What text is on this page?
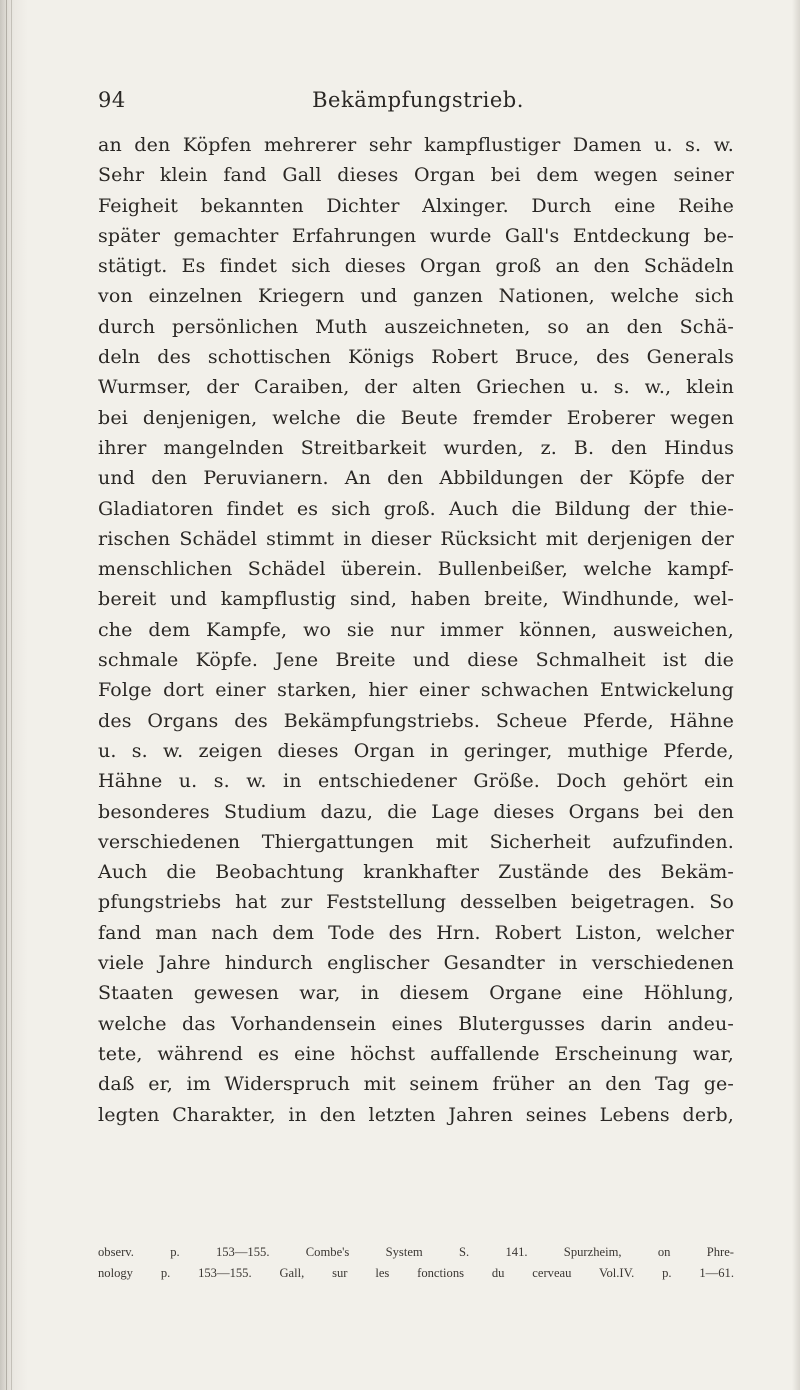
94	Bekämpfungstrieb.
an den Köpfen mehrerer sehr kampflustiger Damen u. s. w.
Sehr klein fand Gall dieses Organ bei dem wegen seiner
Feigheit bekannten Dichter Alxinger. Durch eine Reihe
später gemachter Erfahrungen wurde Gall's Entdeckung be-
stätigt. Es findet sich dieses Organ groß an den Schädeln
von einzelnen Kriegern und ganzen Nationen, welche sich
durch persönlichen Muth auszeichneten, so an den Schä-
deln des schottischen Königs Robert Bruce, des Generals
Wurmser, der Caraiben, der alten Griechen u. s. w., klein
bei denjenigen, welche die Beute fremder Eroberer wegen
ihrer mangelnden Streitbarkeit wurden, z. B. den Hindus
und den Peruvianern. An den Abbildungen der Köpfe der
Gladiatoren findet es sich groß. Auch die Bildung der thie-
rischen Schädel stimmt in dieser Rücksicht mit derjenigen der
menschlichen Schädel überein. Bullenbeißer, welche kampf-
bereit und kampflustig sind, haben breite, Windhunde, wel-
che dem Kampfe, wo sie nur immer können, ausweichen,
schmale Köpfe. Jene Breite und diese Schmalheit ist die
Folge dort einer starken, hier einer schwachen Entwickelung
des Organs des Bekämpfungstriebs. Scheue Pferde, Hähne
u. s. w. zeigen dieses Organ in geringer, muthige Pferde,
Hähne u. s. w. in entschiedener Größe. Doch gehört ein
besonderes Studium dazu, die Lage dieses Organs bei den
verschiedenen Thiergattungen mit Sicherheit aufzufinden.
Auch die Beobachtung krankhafter Zustände des Bekäm-
pfungstriebs hat zur Feststellung desselben beigetragen. So
fand man nach dem Tode des Hrn. Robert Liston, welcher
viele Jahre hindurch englischer Gesandter in verschiedenen
Staaten gewesen war, in diesem Organe eine Höhlung,
welche das Vorhandensein eines Blutergusses darin andeu-
tete, während es eine höchst auffallende Erscheinung war,
daß er, im Widerspruch mit seinem früher an den Tag ge-
legten Charakter, in den letzten Jahren seines Lebens derb,
observ. p. 153—155. Combe's System S. 141. Spurzheim, on Phre-
nology p. 153—155. Gall, sur les fonctions du cerveau Vol.IV. p. 1—61.
